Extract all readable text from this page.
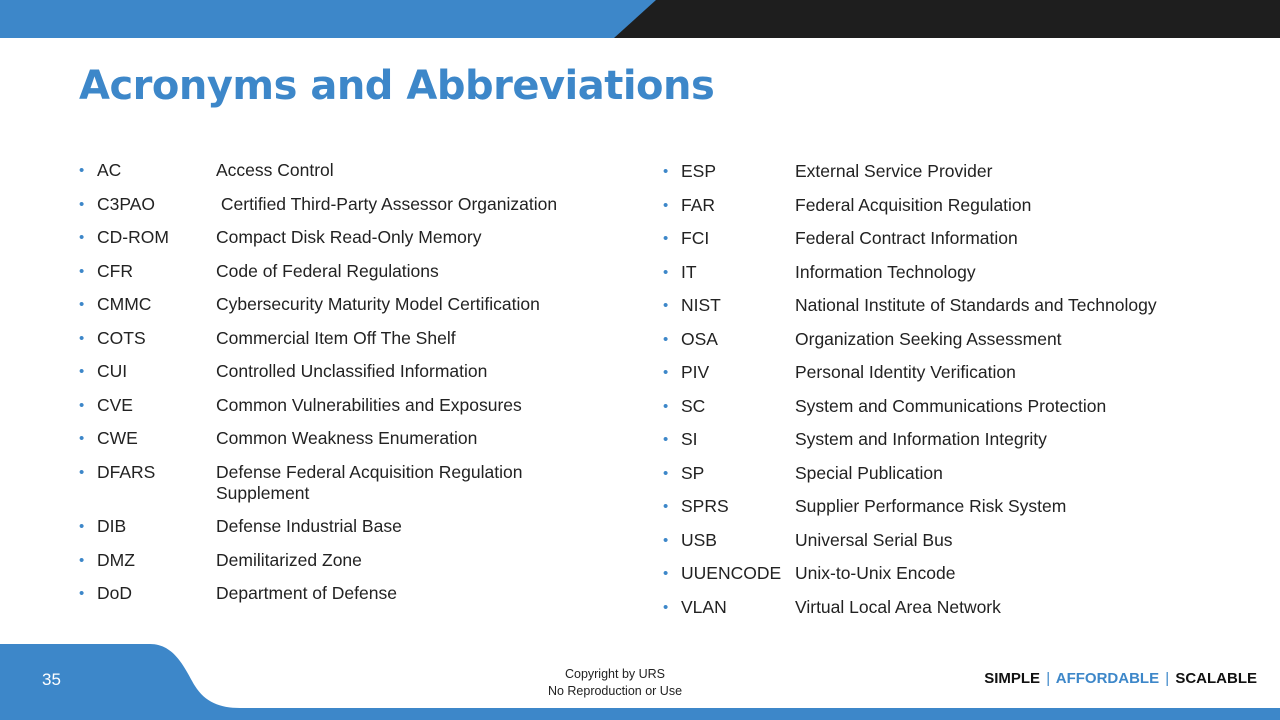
Acronyms and Abbreviations
• AC	Access Control
• C3PAO	Certified Third-Party Assessor Organization
• CD-ROM	Compact Disk Read-Only Memory
• CFR	Code of Federal Regulations
• CMMC	Cybersecurity Maturity Model Certification
• COTS	Commercial Item Off The Shelf
• CUI	Controlled Unclassified Information
• CVE	Common Vulnerabilities and Exposures
• CWE	Common Weakness Enumeration
• DFARS	Defense Federal Acquisition Regulation Supplement
• DIB	Defense Industrial Base
• DMZ	Demilitarized Zone
• DoD	Department of Defense
• ESP	External Service Provider
• FAR	Federal Acquisition Regulation
• FCI	Federal Contract Information
• IT	Information Technology
• NIST	National Institute of Standards and Technology
• OSA	Organization Seeking Assessment
• PIV	Personal Identity Verification
• SC	System and Communications Protection
• SI	System and Information Integrity
• SP	Special Publication
• SPRS	Supplier Performance Risk System
• USB	Universal Serial Bus
• UUENCODE Unix-to-Unix Encode
• VLAN	Virtual Local Area Network
35	Copyright by URS
No Reproduction or Use
SIMPLE | AFFORDABLE | SCALABLE
